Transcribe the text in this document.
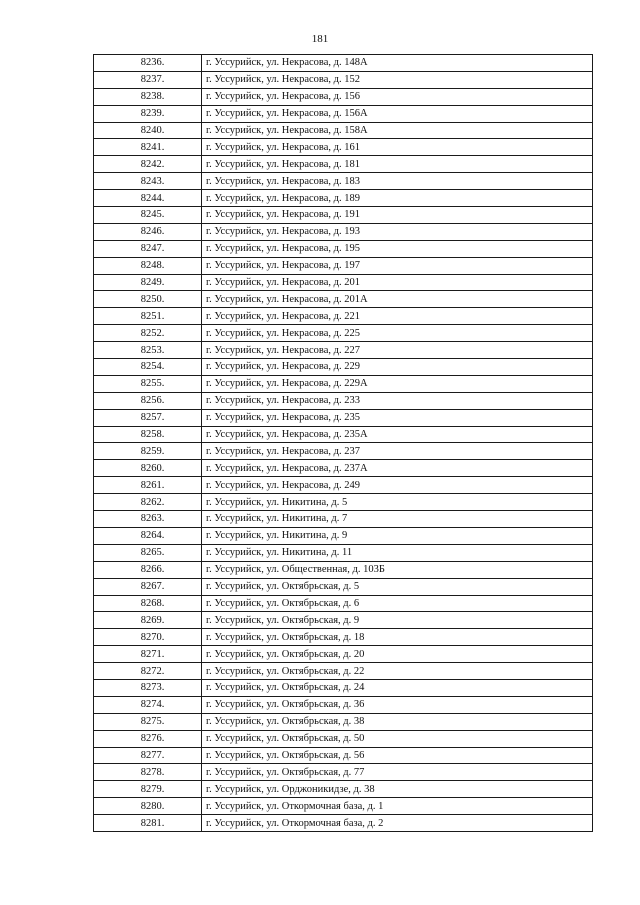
181
8236.	г. Уссурийск, ул. Некрасова, д. 148А
8237.	г. Уссурийск, ул. Некрасова, д. 152
8238.	г. Уссурийск, ул. Некрасова, д. 156
8239.	г. Уссурийск, ул. Некрасова, д. 156А
8240.	г. Уссурийск, ул. Некрасова, д. 158А
8241.	г. Уссурийск, ул. Некрасова, д. 161
8242.	г. Уссурийск, ул. Некрасова, д. 181
8243.	г. Уссурийск, ул. Некрасова, д. 183
8244.	г. Уссурийск, ул. Некрасова, д. 189
8245.	г. Уссурийск, ул. Некрасова, д. 191
8246.	г. Уссурийск, ул. Некрасова, д. 193
8247.	г. Уссурийск, ул. Некрасова, д. 195
8248.	г. Уссурийск, ул. Некрасова, д. 197
8249.	г. Уссурийск, ул. Некрасова, д. 201
8250.	г. Уссурийск, ул. Некрасова, д. 201А
8251.	г. Уссурийск, ул. Некрасова, д. 221
8252.	г. Уссурийск, ул. Некрасова, д. 225
8253.	г. Уссурийск, ул. Некрасова, д. 227
8254.	г. Уссурийск, ул. Некрасова, д. 229
8255.	г. Уссурийск, ул. Некрасова, д. 229А
8256.	г. Уссурийск, ул. Некрасова, д. 233
8257.	г. Уссурийск, ул. Некрасова, д. 235
8258.	г. Уссурийск, ул. Некрасова, д. 235А
8259.	г. Уссурийск, ул. Некрасова, д. 237
8260.	г. Уссурийск, ул. Некрасова, д. 237А
8261.	г. Уссурийск, ул. Некрасова, д. 249
8262.	г. Уссурийск, ул. Никитина, д. 5
8263.	г. Уссурийск, ул. Никитина, д. 7
8264.	г. Уссурийск, ул. Никитина, д. 9
8265.	г. Уссурийск, ул. Никитина, д. 11
8266.	г. Уссурийск, ул. Общественная, д. 103Б
8267.	г. Уссурийск, ул. Октябрьская, д. 5
8268.	г. Уссурийск, ул. Октябрьская, д. 6
8269.	г. Уссурийск, ул. Октябрьская, д. 9
8270.	г. Уссурийск, ул. Октябрьская, д. 18
8271.	г. Уссурийск, ул. Октябрьская, д. 20
8272.	г. Уссурийск, ул. Октябрьская, д. 22
8273.	г. Уссурийск, ул. Октябрьская, д. 24
8274.	г. Уссурийск, ул. Октябрьская, д. 36
8275.	г. Уссурийск, ул. Октябрьская, д. 38
8276.	г. Уссурийск, ул. Октябрьская, д. 50
8277.	г. Уссурийск, ул. Октябрьская, д. 56
8278.	г. Уссурийск, ул. Октябрьская, д. 77
8279.	г. Уссурийск, ул. Орджоникидзе, д. 38
8280.	г. Уссурийск, ул. Откормочная база, д. 1
8281.	г. Уссурийск, ул. Откормочная база, д. 2
